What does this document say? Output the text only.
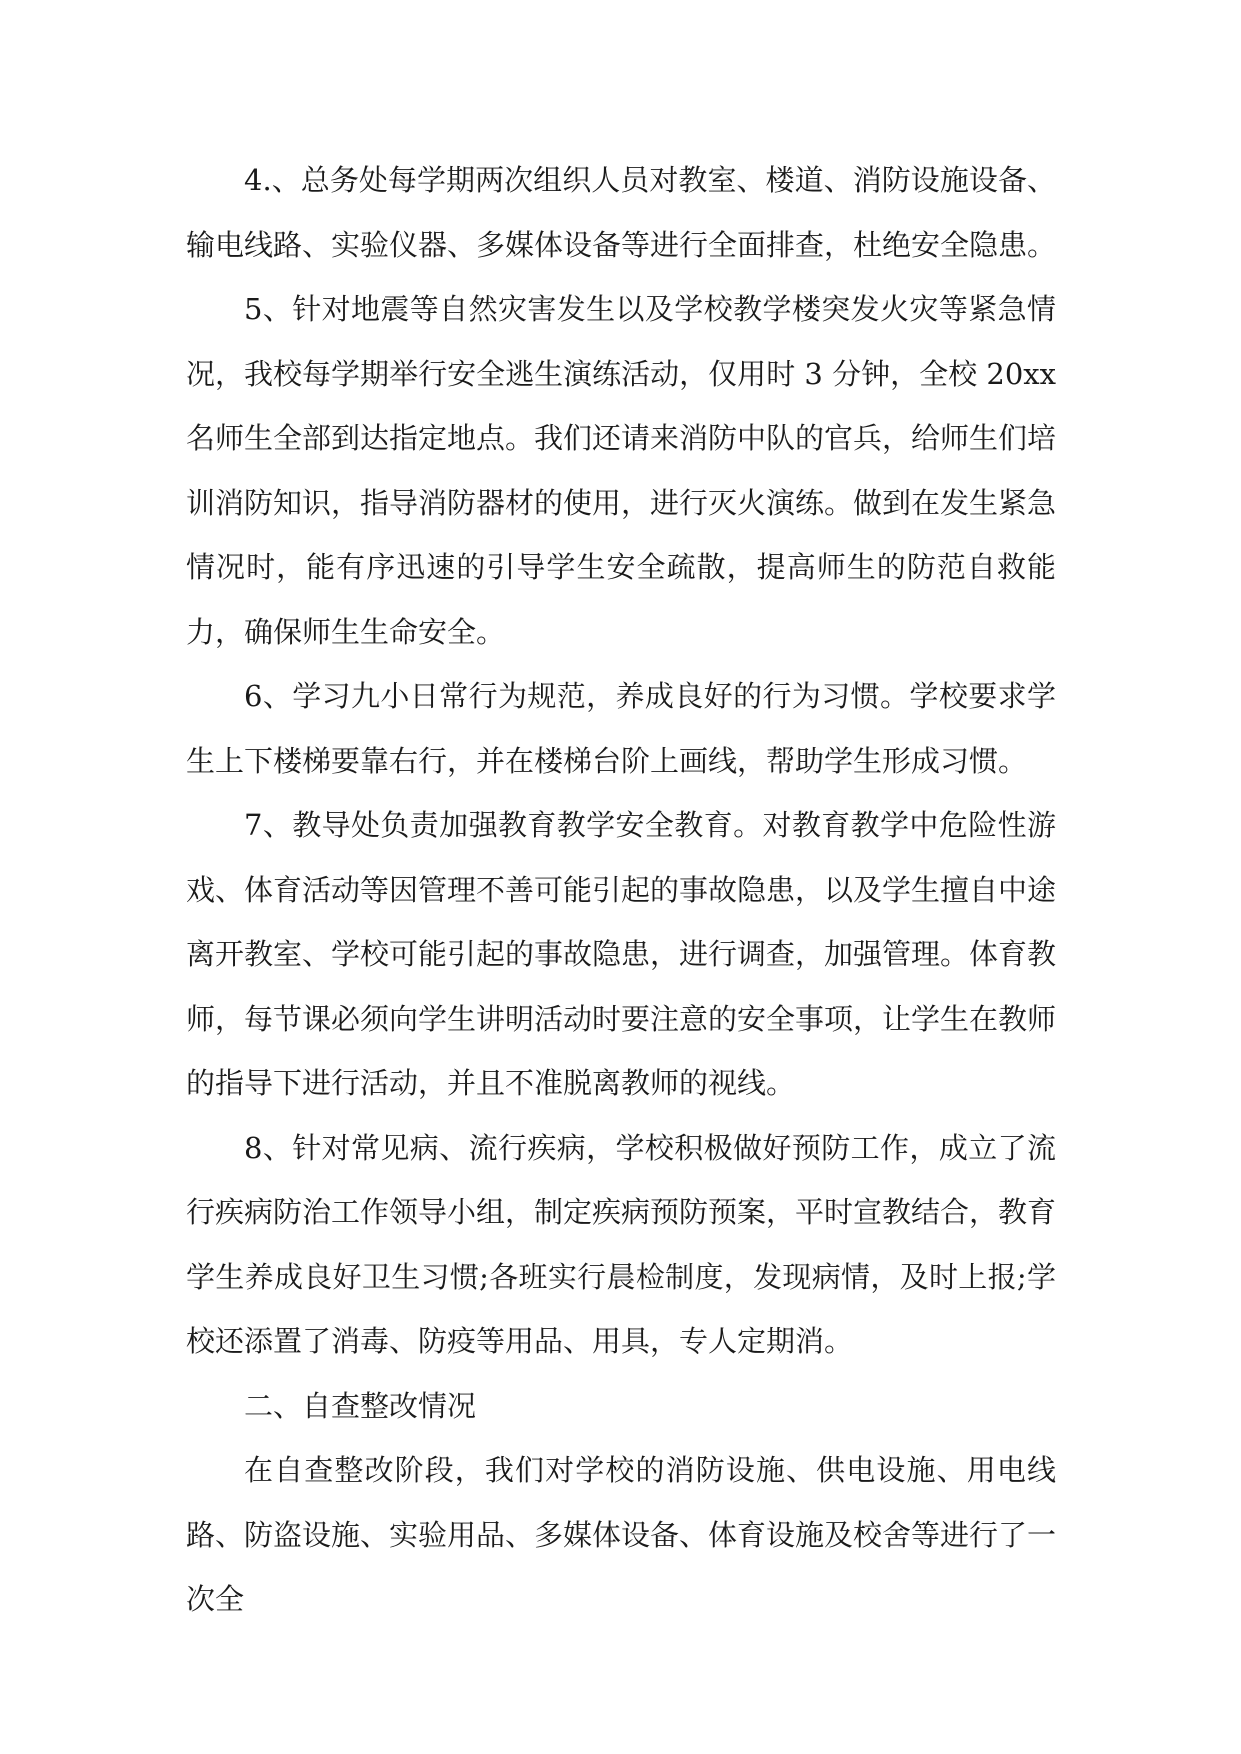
4.、总务处每学期两次组织人员对教室、楼道、消防设施设备、输电线路、实验仪器、多媒体设备等进行全面排查，杜绝安全隐患。

5、针对地震等自然灾害发生以及学校教学楼突发火灾等紧急情况，我校每学期举行安全逃生演练活动，仅用时 3 分钟，全校 20xx 名师生全部到达指定地点。我们还请来消防中队的官兵，给师生们培训消防知识，指导消防器材的使用，进行灭火演练。做到在发生紧急情况时，能有序迅速的引导学生安全疏散，提高师生的防范自救能力，确保师生生命安全。

6、学习九小日常行为规范，养成良好的行为习惯。学校要求学生上下楼梯要靠右行，并在楼梯台阶上画线，帮助学生形成习惯。

7、教导处负责加强教育教学安全教育。对教育教学中危险性游戏、体育活动等因管理不善可能引起的事故隐患，以及学生擅自中途离开教室、学校可能引起的事故隐患，进行调查，加强管理。体育教师，每节课必须向学生讲明活动时要注意的安全事项，让学生在教师的指导下进行活动，并且不准脱离教师的视线。

8、针对常见病、流行疾病，学校积极做好预防工作，成立了流行疾病防治工作领导小组，制定疾病预防预案，平时宣教结合，教育学生养成良好卫生习惯;各班实行晨检制度，发现病情，及时上报;学校还添置了消毒、防疫等用品、用具，专人定期消。

二、自查整改情况

在自查整改阶段，我们对学校的消防设施、供电设施、用电线路、防盗设施、实验用品、多媒体设备、体育设施及校舍等进行了一次全
